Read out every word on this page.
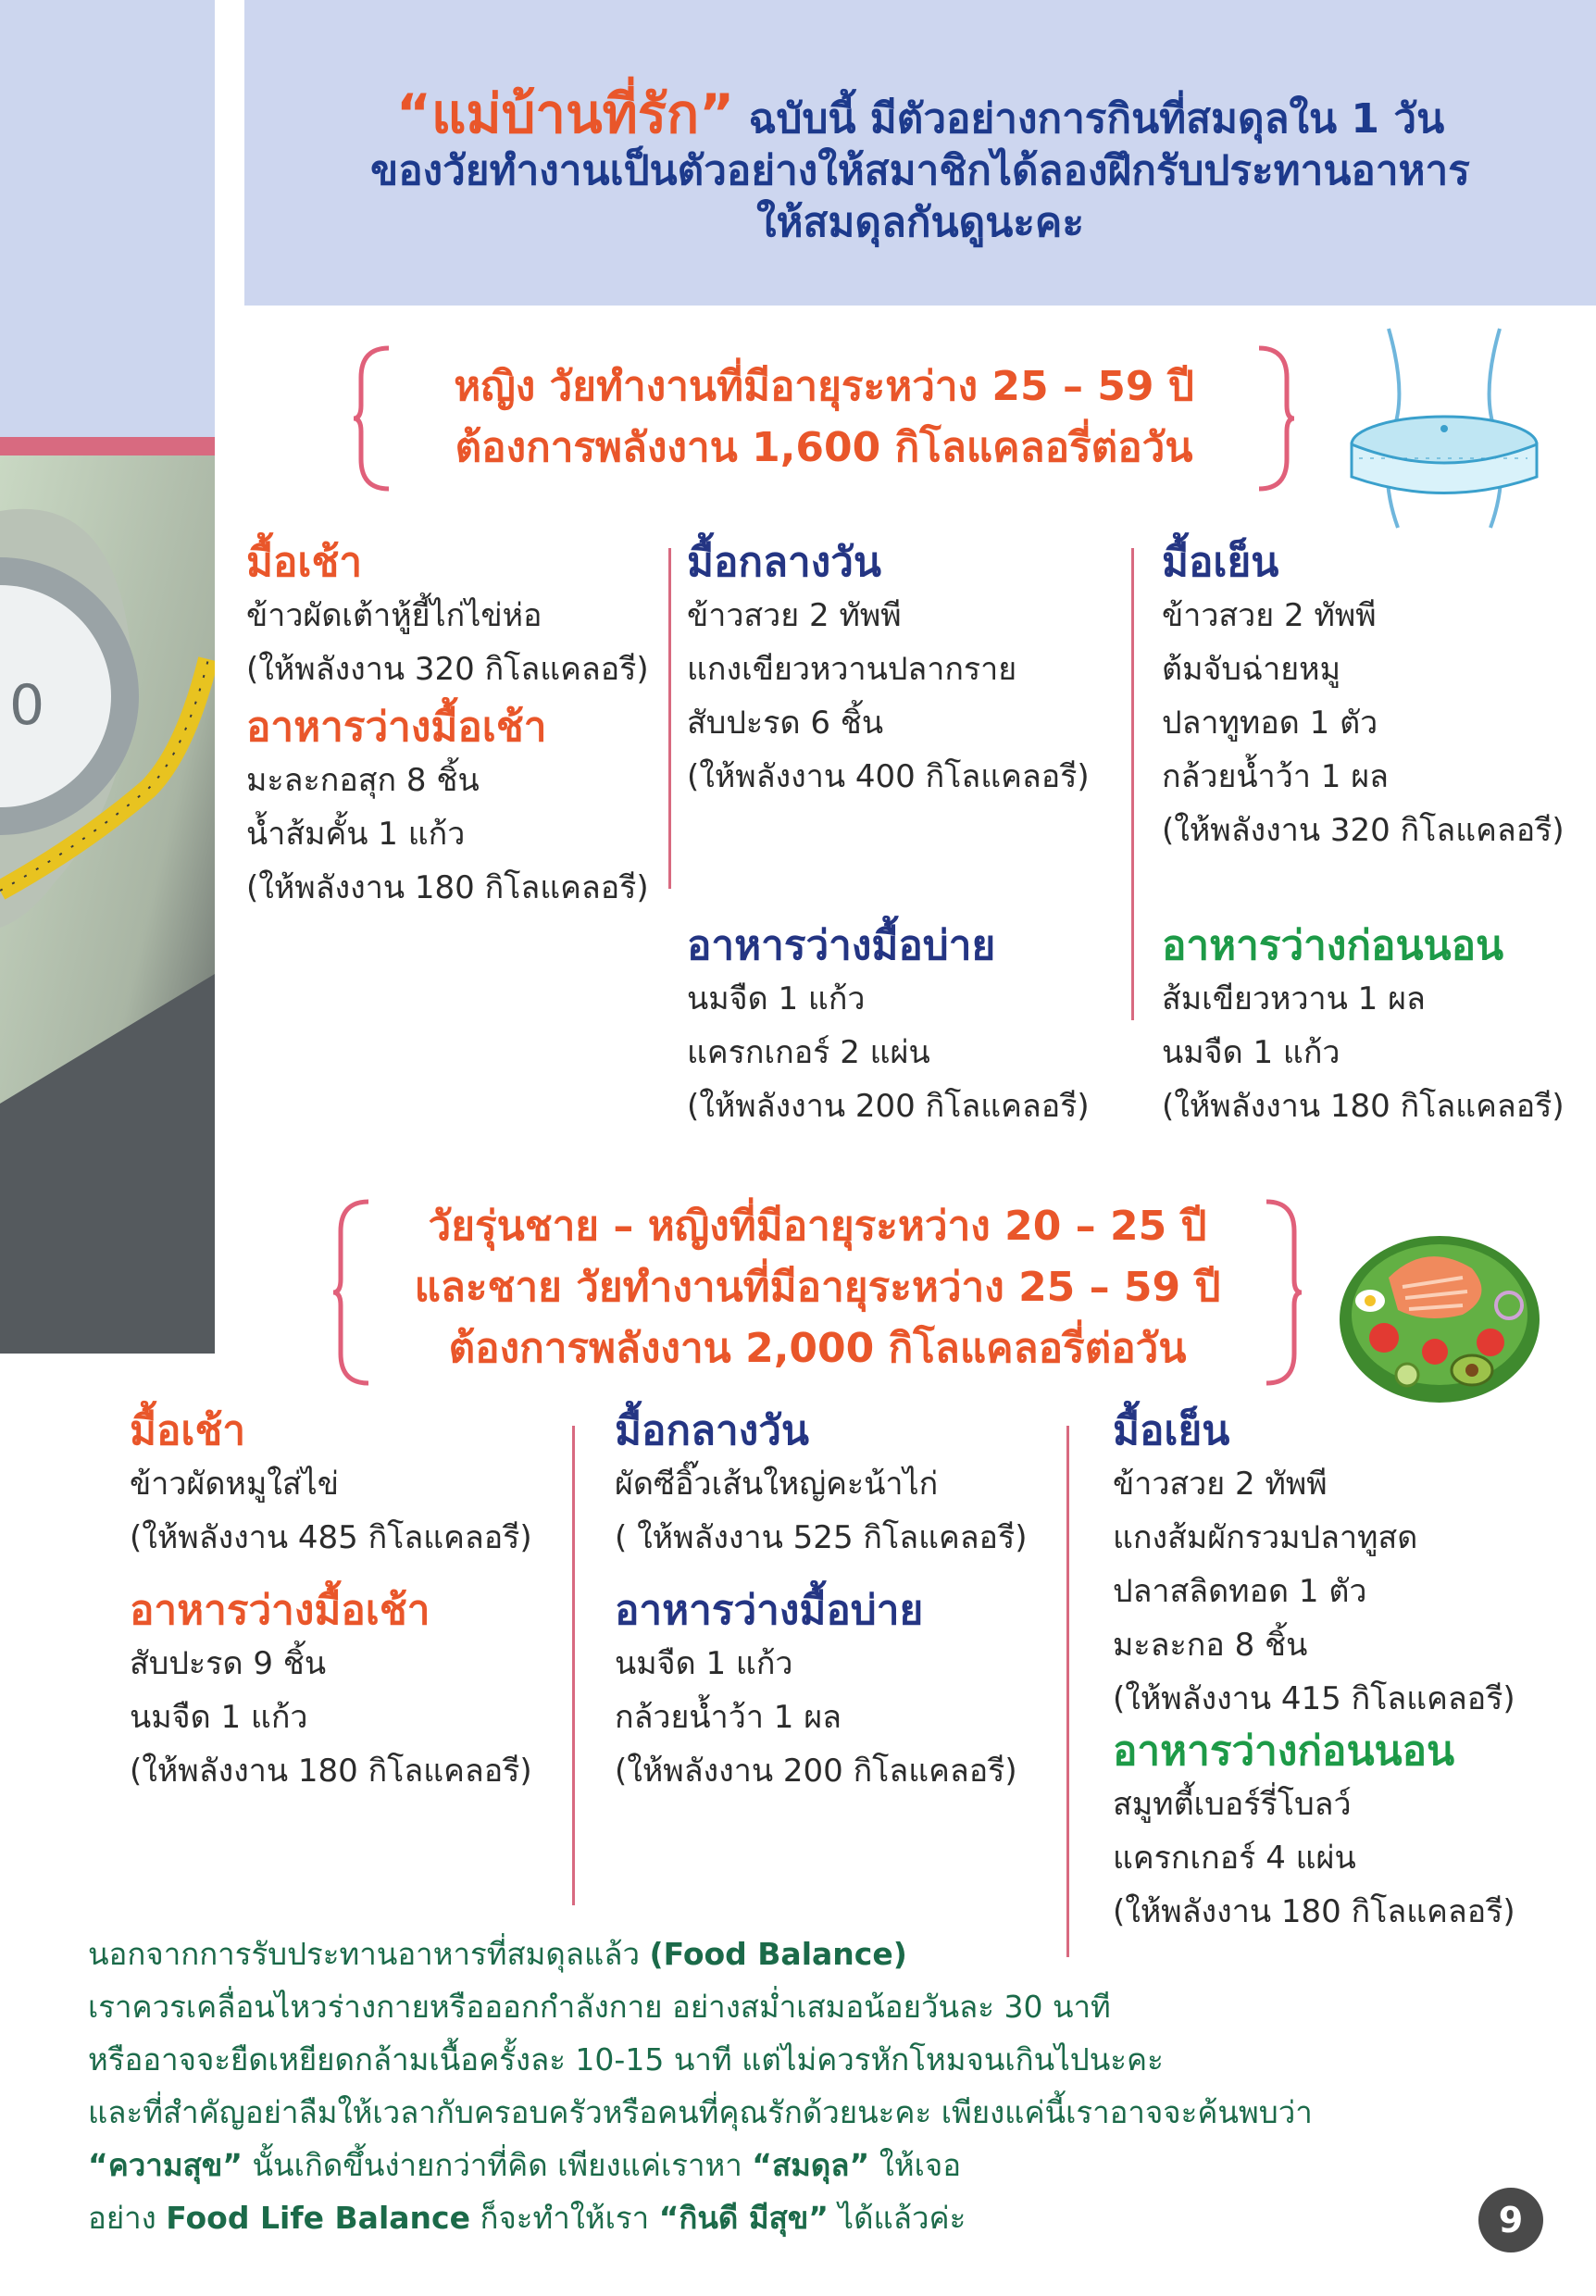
0
“แม่บ้านที่รัก” ฉบับนี้ มีตัวอย่างการกินที่สมดุลใน 1 วัน
ของวัยทำงานเป็นตัวอย่างให้สมาชิกได้ลองฝึกรับประทานอาหาร
ให้สมดุลกันดูนะคะ
หญิง วัยทำงานที่มีอายุระหว่าง 25 – 59 ปี
ต้องการพลังงาน 1,600 กิโลแคลอรี่ต่อวัน
มื้อเช้า
ข้าวผัดเต้าหู้ยี้ไก่ไข่ห่อ
(ให้พลังงาน 320 กิโลแคลอรี)
อาหารว่างมื้อเช้า
มะละกอสุก 8 ชิ้น
น้ำส้มคั้น 1 แก้ว
(ให้พลังงาน 180 กิโลแคลอรี)
มื้อกลางวัน
ข้าวสวย 2 ทัพพี
แกงเขียวหวานปลากราย
สับปะรด 6 ชิ้น
(ให้พลังงาน 400 กิโลแคลอรี)
อาหารว่างมื้อบ่าย
นมจืด 1 แก้ว
แครกเกอร์ 2 แผ่น
(ให้พลังงาน 200 กิโลแคลอรี)
มื้อเย็น
ข้าวสวย 2 ทัพพี
ต้มจับฉ่ายหมู
ปลาทูทอด 1 ตัว
กล้วยน้ำว้า 1 ผล
(ให้พลังงาน 320 กิโลแคลอรี)
อาหารว่างก่อนนอน
ส้มเขียวหวาน 1 ผล
นมจืด 1 แก้ว
(ให้พลังงาน 180 กิโลแคลอรี)
วัยรุ่นชาย – หญิงที่มีอายุระหว่าง 20 – 25 ปี
และชาย วัยทำงานที่มีอายุระหว่าง 25 – 59 ปี
ต้องการพลังงาน 2,000 กิโลแคลอรี่ต่อวัน
มื้อเช้า
ข้าวผัดหมูใส่ไข่
(ให้พลังงาน 485 กิโลแคลอรี)
อาหารว่างมื้อเช้า
สับปะรด 9 ชิ้น
นมจืด 1 แก้ว
(ให้พลังงาน 180 กิโลแคลอรี)
มื้อกลางวัน
ผัดซีอิ๊วเส้นใหญ่คะน้าไก่
( ให้พลังงาน 525 กิโลแคลอรี)
อาหารว่างมื้อบ่าย
นมจืด 1 แก้ว
กล้วยน้ำว้า 1 ผล
(ให้พลังงาน 200 กิโลแคลอรี)
มื้อเย็น
ข้าวสวย 2 ทัพพี
แกงส้มผักรวมปลาทูสด
ปลาสลิดทอด 1 ตัว
มะละกอ 8 ชิ้น
(ให้พลังงาน 415 กิโลแคลอรี)
อาหารว่างก่อนนอน
สมูทตี้เบอร์รี่โบลว์
แครกเกอร์ 4 แผ่น
(ให้พลังงาน 180 กิโลแคลอรี)
นอกจากการรับประทานอาหารที่สมดุลแล้ว (Food Balance)
เราควรเคลื่อนไหวร่างกายหรือออกกำลังกาย อย่างสม่ำเสมอน้อยวันละ 30 นาที
หรืออาจจะยืดเหยียดกล้ามเนื้อครั้งละ 10-15 นาที แต่ไม่ควรหักโหมจนเกินไปนะคะ
และที่สำคัญอย่าลืมให้เวลากับครอบครัวหรือคนที่คุณรักด้วยนะคะ เพียงแค่นี้เราอาจจะค้นพบว่า
“ความสุข” นั้นเกิดขึ้นง่ายกว่าที่คิด เพียงแค่เราหา “สมดุล” ให้เจอ
อย่าง Food Life Balance ก็จะทำให้เรา “กินดี มีสุข” ได้แล้วค่ะ	9
